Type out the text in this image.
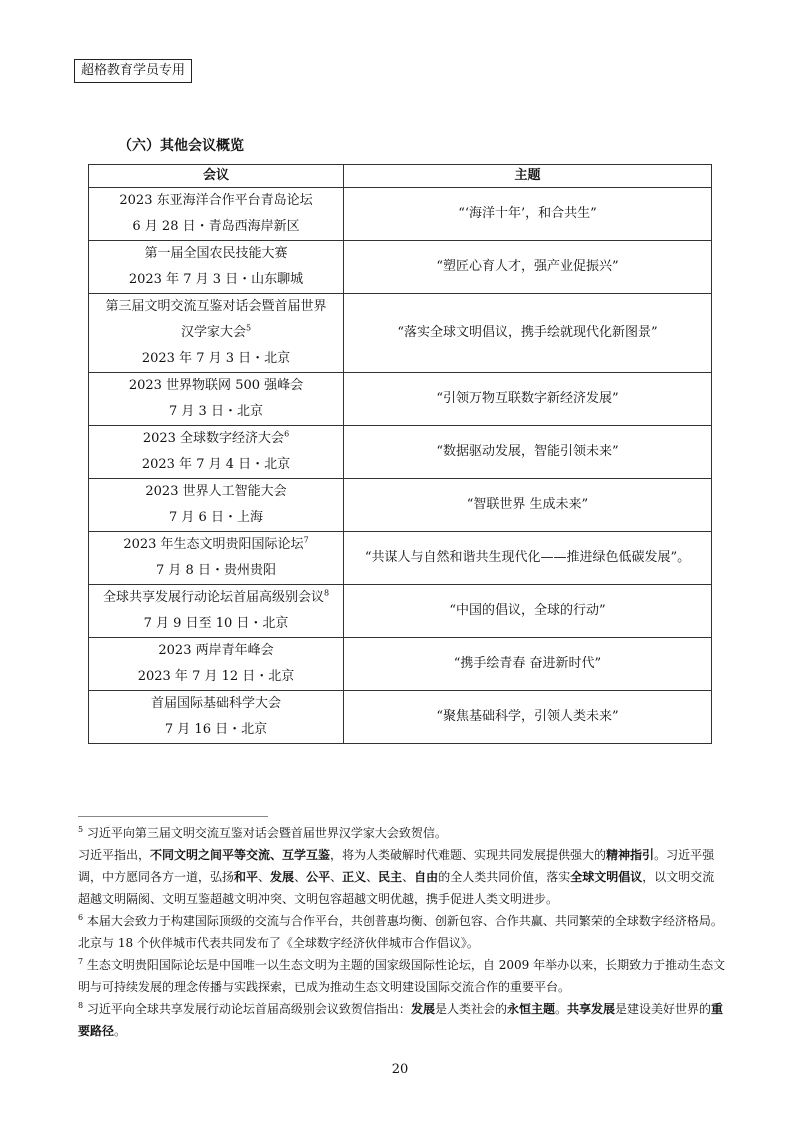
超格教育学员专用
（六）其他会议概览
会议	主题

2023 东亚海洋合作平台青岛论坛
6 月 28 日・青岛西海岸新区	“‘海洋十年’，和合共生”

第一届全国农民技能大赛
2023 年 7 月 3 日・山东聊城	“塑匠心育人才，强产业促振兴”

第三届文明交流互鉴对话会暨首届世界
汉学家大会$^5$
2023 年 7 月 3 日・北京	“落实全球文明倡议，携手绘就现代化新图景”

2023 世界物联网 500 强峰会
7 月 3 日・北京	“引领万物互联数字新经济发展”

2023 全球数字经济大会$^6$
2023 年 7 月 4 日・北京	“数据驱动发展，智能引领未来”

2023 世界人工智能大会
7 月 6 日・上海	“智联世界 生成未来”

2023 年生态文明贵阳国际论坛$^7$
7 月 8 日・贵州贵阳	“共谋人与自然和谐共生现代化——推进绿色低碳发展”。

全球共享发展行动论坛首届高级别会议$^8$
7 月 9 日至 10 日・北京	“中国的倡议，全球的行动”

2023 两岸青年峰会
2023 年 7 月 12 日・北京	“携手绘青春 奋进新时代”

首届国际基础科学大会
7 月 16 日・北京	“聚焦基础科学，引领人类未来”

$^5$ 习近平向第三届文明交流互鉴对话会暨首届世界汉学家大会致贺信。

习近平指出，不同文明之间平等交流、互学互鉴，将为人类破解时代难题、实现共同发展提供强大的精神指引。习近平强调，中方愿同各方一道，弘扬和平、发展、公平、正义、民主、自由的全人类共同价值，落实全球文明倡议，以文明交流超越文明隔阂、文明互鉴超越文明冲突、文明包容超越文明优越，携手促进人类文明进步。

$^6$ 本届大会致力于构建国际顶级的交流与合作平台，共创普惠均衡、创新包容、合作共赢、共同繁荣的全球数字经济格局。北京与 18 个伙伴城市代表共同发布了《全球数字经济伙伴城市合作倡议》。

$^7$ 生态文明贵阳国际论坛是中国唯一以生态文明为主题的国家级国际性论坛，自 2009 年举办以来，长期致力于推动生态文明与可持续发展的理念传播与实践探索，已成为推动生态文明建设国际交流合作的重要平台。

$^8$ 习近平向全球共享发展行动论坛首届高级别会议致贺信指出：发展是人类社会的永恒主题。共享发展是建设美好世界的重要路径。

20
